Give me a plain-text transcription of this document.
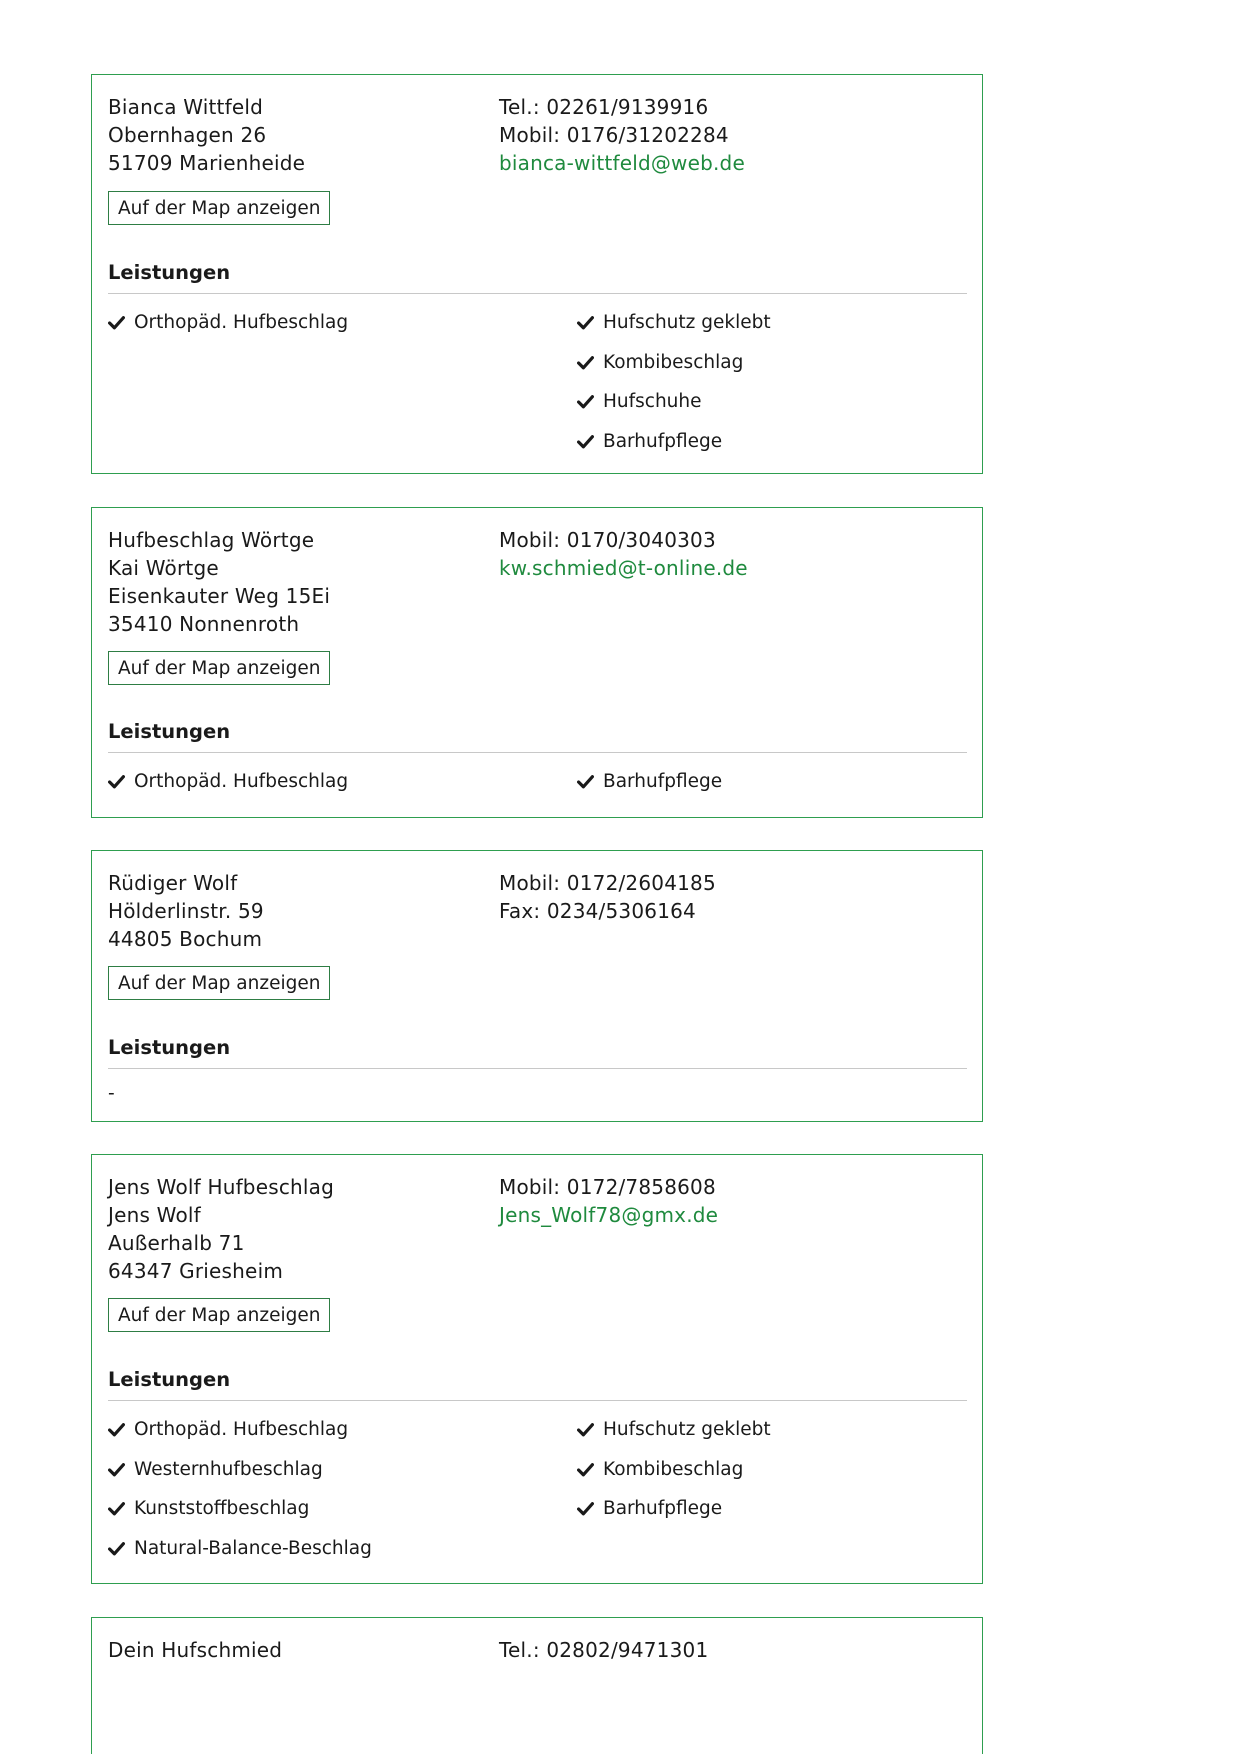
Bianca Wittfeld
Obernhagen 26
51709 Marienheide
Tel.: 02261/9139916
Mobil: 0176/31202284
bianca-wittfeld@web.de
Auf der Map anzeigen
Leistungen
Orthopäd. Hufbeschlag	Hufschutz geklebt
Kombibeschlag
Hufschuhe
Barhufpflege
Hufbeschlag Wörtge
Kai Wörtge
Eisenkauter Weg 15Ei
35410 Nonnenroth
Mobil: 0170/3040303
kw.schmied@t-online.de
Auf der Map anzeigen
Leistungen
Orthopäd. Hufbeschlag	Barhufpflege
Rüdiger Wolf
Hölderlinstr. 59
44805 Bochum
Mobil: 0172/2604185
Fax: 0234/5306164
Auf der Map anzeigen
Leistungen
-
Jens Wolf Hufbeschlag
Jens Wolf
Außerhalb 71
64347 Griesheim
Mobil: 0172/7858608
Jens_Wolf78@gmx.de
Auf der Map anzeigen
Leistungen
Orthopäd. Hufbeschlag
Westernhufbeschlag
Kunststoffbeschlag
Natural-Balance-Beschlag
Hufschutz geklebt
Kombibeschlag
Barhufpflege
Dein Hufschmied	Tel.: 02802/9471301
